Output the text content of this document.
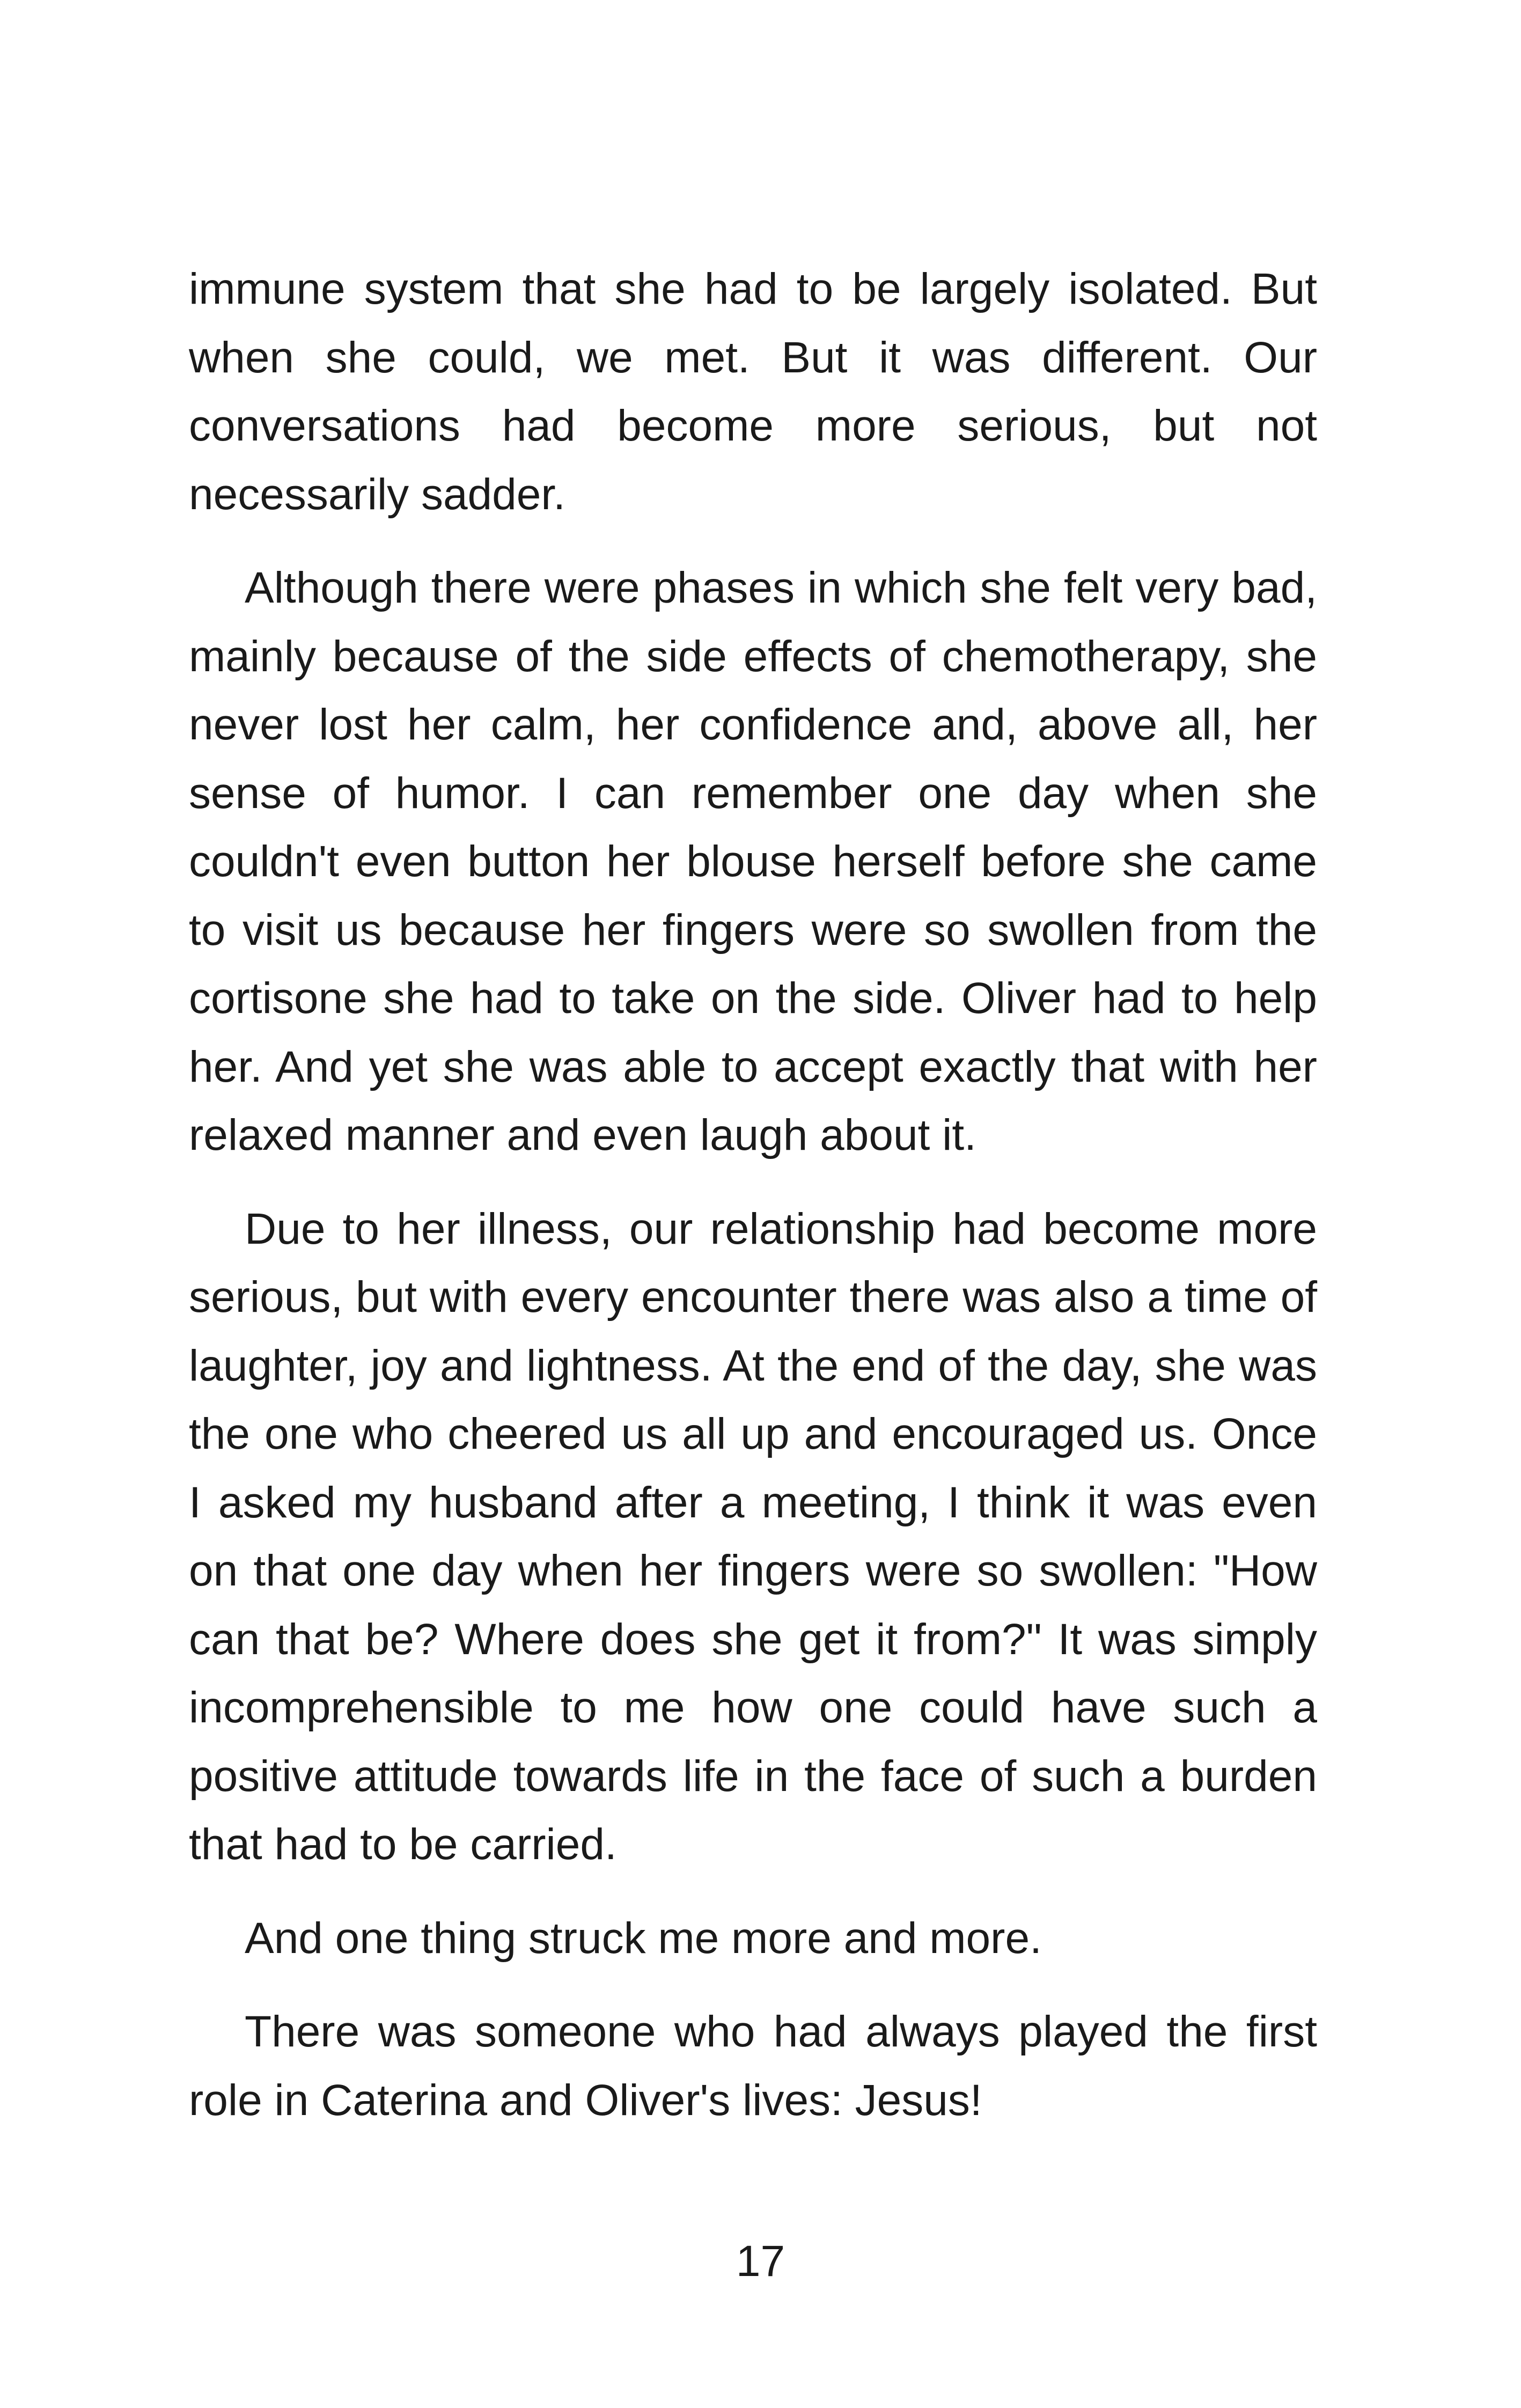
immune system that she had to be largely isolated. But when she could, we met. But it was different. Our conversations had become more serious, but not necessarily sadder.

Although there were phases in which she felt very bad, mainly because of the side effects of chemotherapy, she never lost her calm, her confidence and, above all, her sense of humor. I can remember one day when she couldn't even button her blouse herself before she came to visit us because her fingers were so swollen from the cortisone she had to take on the side. Oliver had to help her. And yet she was able to accept exactly that with her relaxed manner and even laugh about it.

Due to her illness, our relationship had become more serious, but with every encounter there was also a time of laughter, joy and lightness. At the end of the day, she was the one who cheered us all up and encouraged us. Once I asked my husband after a meeting, I think it was even on that one day when her fingers were so swollen: "How can that be? Where does she get it from?" It was simply incomprehensible to me how one could have such a positive attitude towards life in the face of such a burden that had to be carried.

And one thing struck me more and more.

There was someone who had always played the first role in Caterina and Oliver's lives: Jesus!

17
